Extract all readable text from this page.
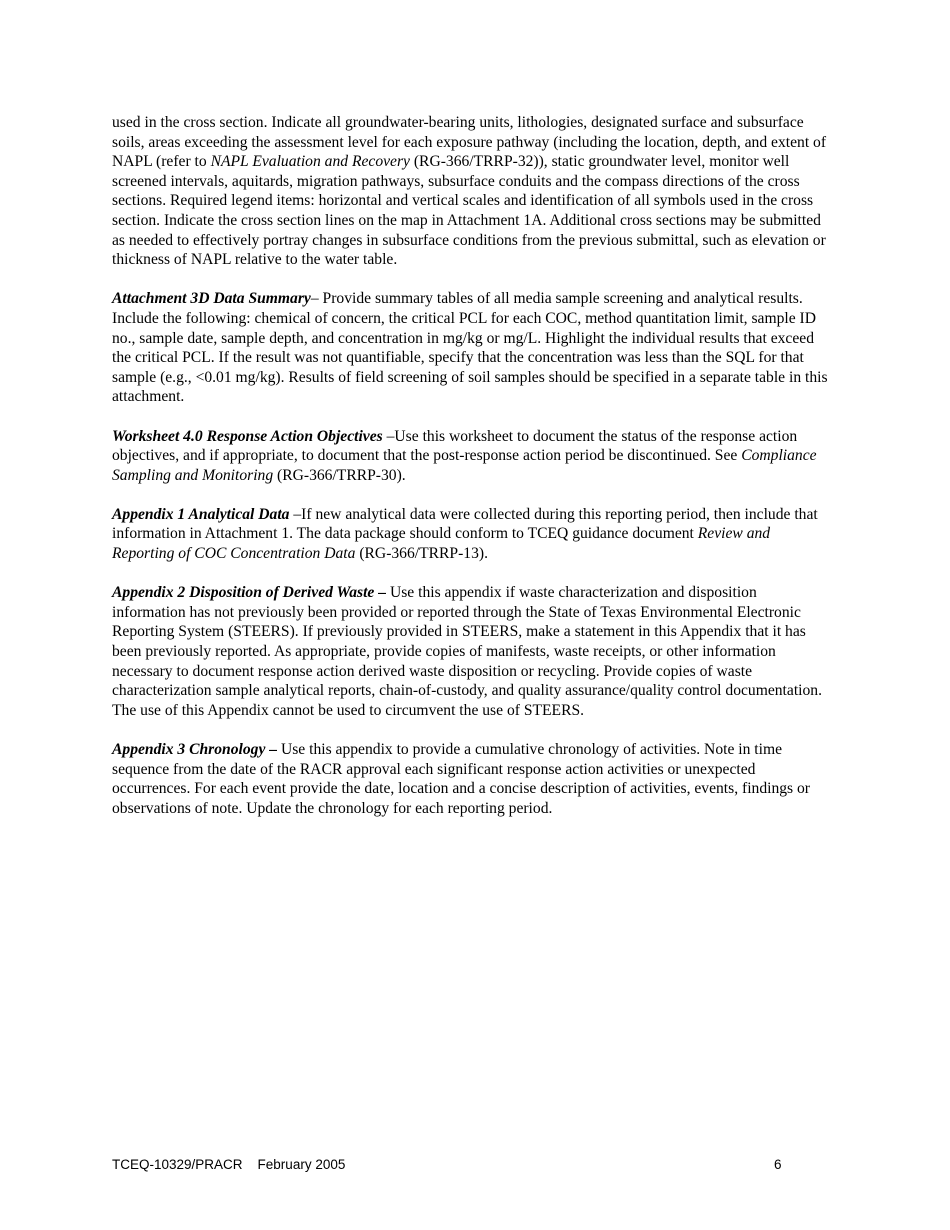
used in the cross section. Indicate all groundwater-bearing units, lithologies, designated surface and subsurface soils, areas exceeding the assessment level for each exposure pathway (including the location, depth, and extent of NAPL (refer to NAPL Evaluation and Recovery (RG-366/TRRP-32)), static groundwater level, monitor well screened intervals, aquitards, migration pathways, subsurface conduits and the compass directions of the cross sections. Required legend items: horizontal and vertical scales and identification of all symbols used in the cross section. Indicate the cross section lines on the map in Attachment 1A. Additional cross sections may be submitted as needed to effectively portray changes in subsurface conditions from the previous submittal, such as elevation or thickness of NAPL relative to the water table.

Attachment 3D Data Summary– Provide summary tables of all media sample screening and analytical results. Include the following: chemical of concern, the critical PCL for each COC, method quantitation limit, sample ID no., sample date, sample depth, and concentration in mg/kg or mg/L. Highlight the individual results that exceed the critical PCL. If the result was not quantifiable, specify that the concentration was less than the SQL for that sample (e.g., <0.01 mg/kg). Results of field screening of soil samples should be specified in a separate table in this attachment.

Worksheet 4.0 Response Action Objectives –Use this worksheet to document the status of the response action objectives, and if appropriate, to document that the post-response action period be discontinued. See Compliance Sampling and Monitoring (RG-366/TRRP-30).

Appendix 1 Analytical Data –If new analytical data were collected during this reporting period, then include that information in Attachment 1. The data package should conform to TCEQ guidance document Review and Reporting of COC Concentration Data (RG-366/TRRP-13).

Appendix 2 Disposition of Derived Waste – Use this appendix if waste characterization and disposition information has not previously been provided or reported through the State of Texas Environmental Electronic Reporting System (STEERS). If previously provided in STEERS, make a statement in this Appendix that it has been previously reported. As appropriate, provide copies of manifests, waste receipts, or other information necessary to document response action derived waste disposition or recycling. Provide copies of waste characterization sample analytical reports, chain-of-custody, and quality assurance/quality control documentation. The use of this Appendix cannot be used to circumvent the use of STEERS.

Appendix 3 Chronology – Use this appendix to provide a cumulative chronology of activities. Note in time sequence from the date of the RACR approval each significant response action activities or unexpected occurrences. For each event provide the date, location and a concise description of activities, events, findings or observations of note. Update the chronology for each reporting period.

TCEQ-10329/PRACR    February 2005	6
